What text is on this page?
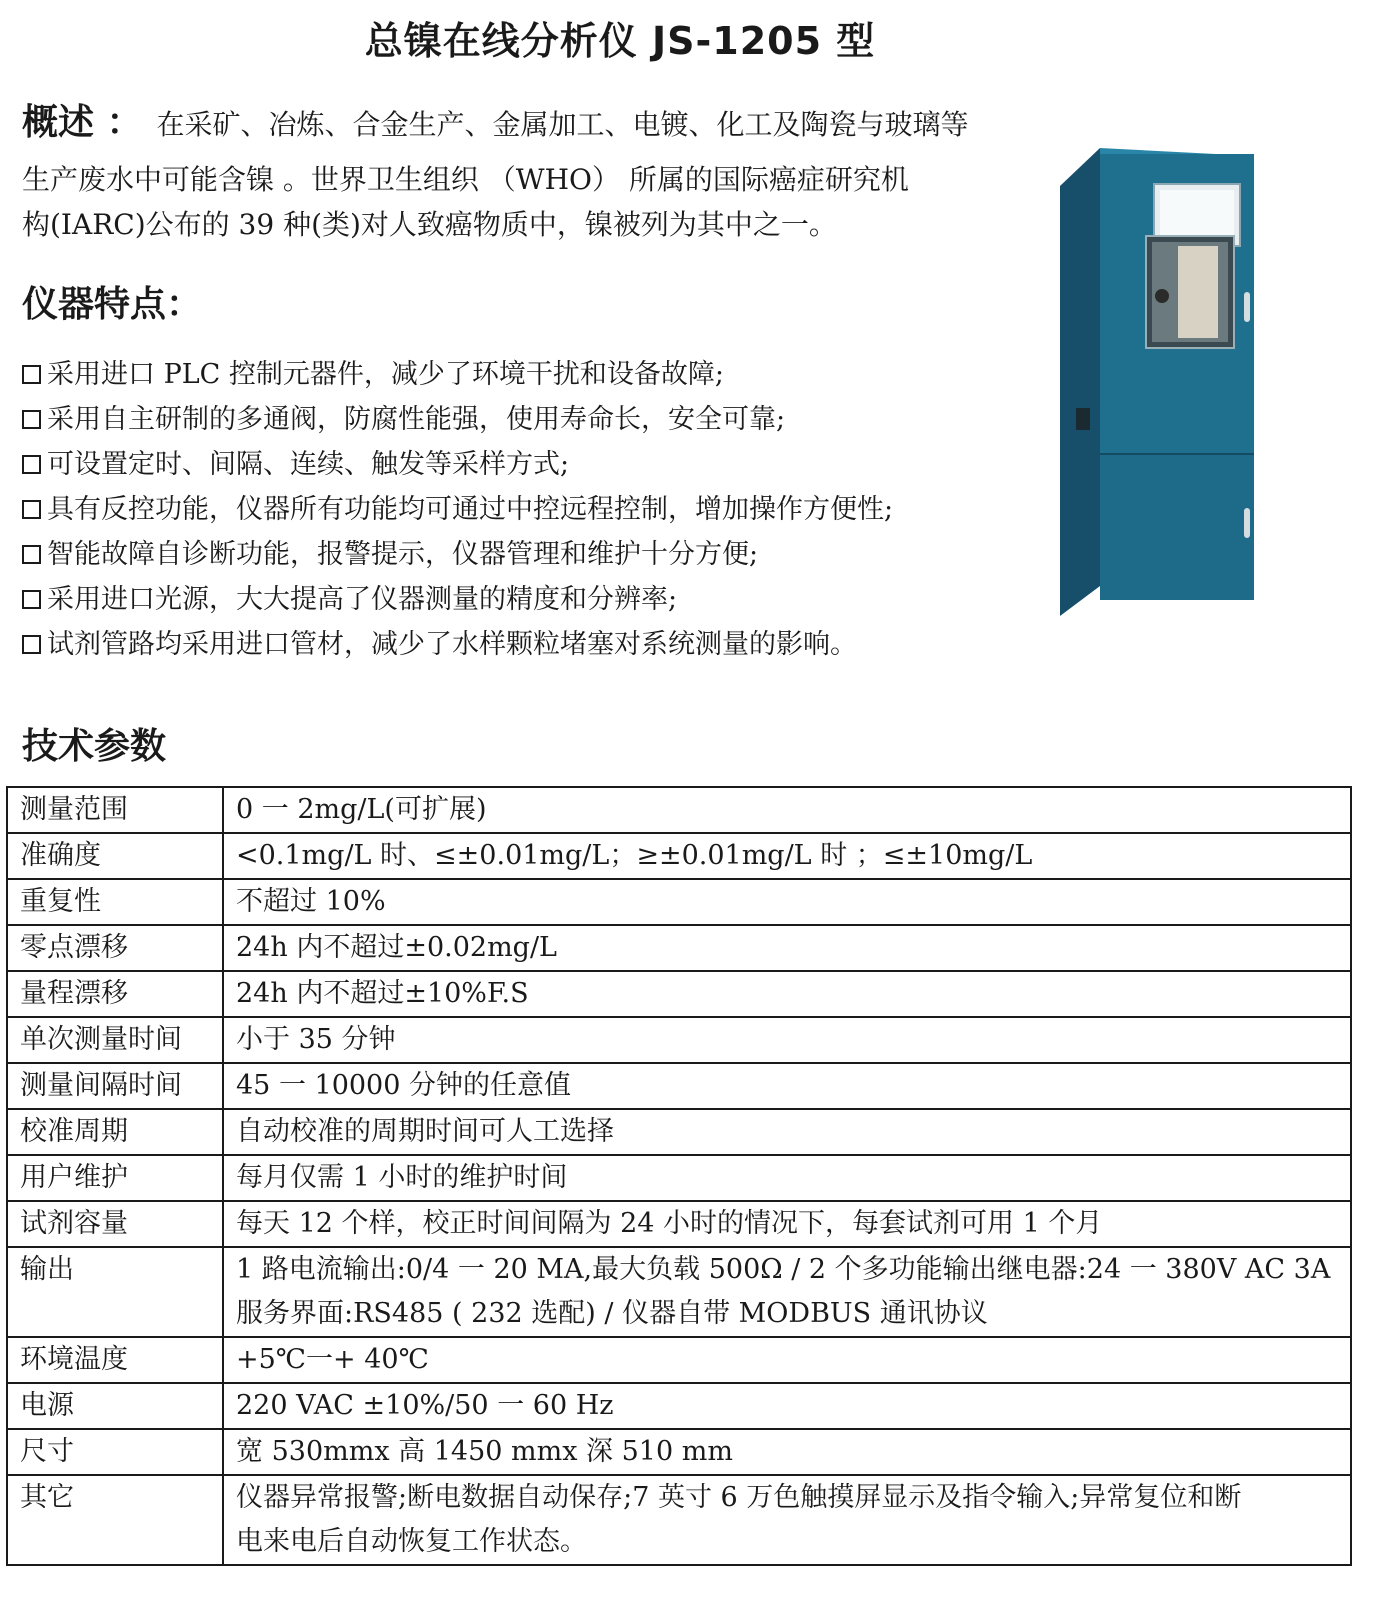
总镍在线分析仪 JS-1205 型

概述 ： 在采矿、冶炼、合金生产、金属加工、电镀、化工及陶瓷与玻璃等

生产废水中可能含镍 。世界卫生组织 （WHO） 所属的国际癌症研究机

构(IARC)公布的 39 种(类)对人致癌物质中，镍被列为其中之一。

仪器特点：
采用进口 PLC 控制元器件，减少了环境干扰和设备故障;
采用自主研制的多通阀，防腐性能强，使用寿命长，安全可靠;
可设置定时、间隔、连续、触发等采样方式;
具有反控功能，仪器所有功能均可通过中控远程控制，增加操作方便性;
智能故障自诊断功能，报警提示，仪器管理和维护十分方便;
采用进口光源，大大提高了仪器测量的精度和分辨率;
试剂管路均采用进口管材，减少了水样颗粒堵塞对系统测量的影响。
技术参数
测量范围	0 一 2mg/L(可扩展)

准确度	<0.1mg/L 时、≤±0.01mg/L；≥±0.01mg/L 时 ；≤±10mg/L

重复性	不超过 10%

零点漂移	24h 内不超过±0.02mg/L

量程漂移	24h 内不超过±10%F.S

单次测量时间	小于 35 分钟

测量间隔时间	45 一 10000 分钟的任意值

校准周期	自动校准的周期时间可人工选择

用户维护	每月仅需 1 小时的维护时间

试剂容量	每天 12 个样，校正时间间隔为 24 小时的情况下，每套试剂可用 1 个月

输出	1 路电流输出:0/4 一 20 MA,最大负载 500Ω / 2 个多功能输出继电器:24 一 380V AC 3A

服务界面:RS485 ( 232 选配) / 仪器自带 MODBUS 通讯协议

环境温度	+5℃一+ 40℃

电源	220 VAC ±10%/50 一 60 Hz

尺寸	宽 530mmx 高 1450 mmx 深 510 mm

其它	仪器异常报警;断电数据自动保存;7 英寸 6 万色触摸屏显示及指令输入;异常复位和断

电来电后自动恢复工作状态。
